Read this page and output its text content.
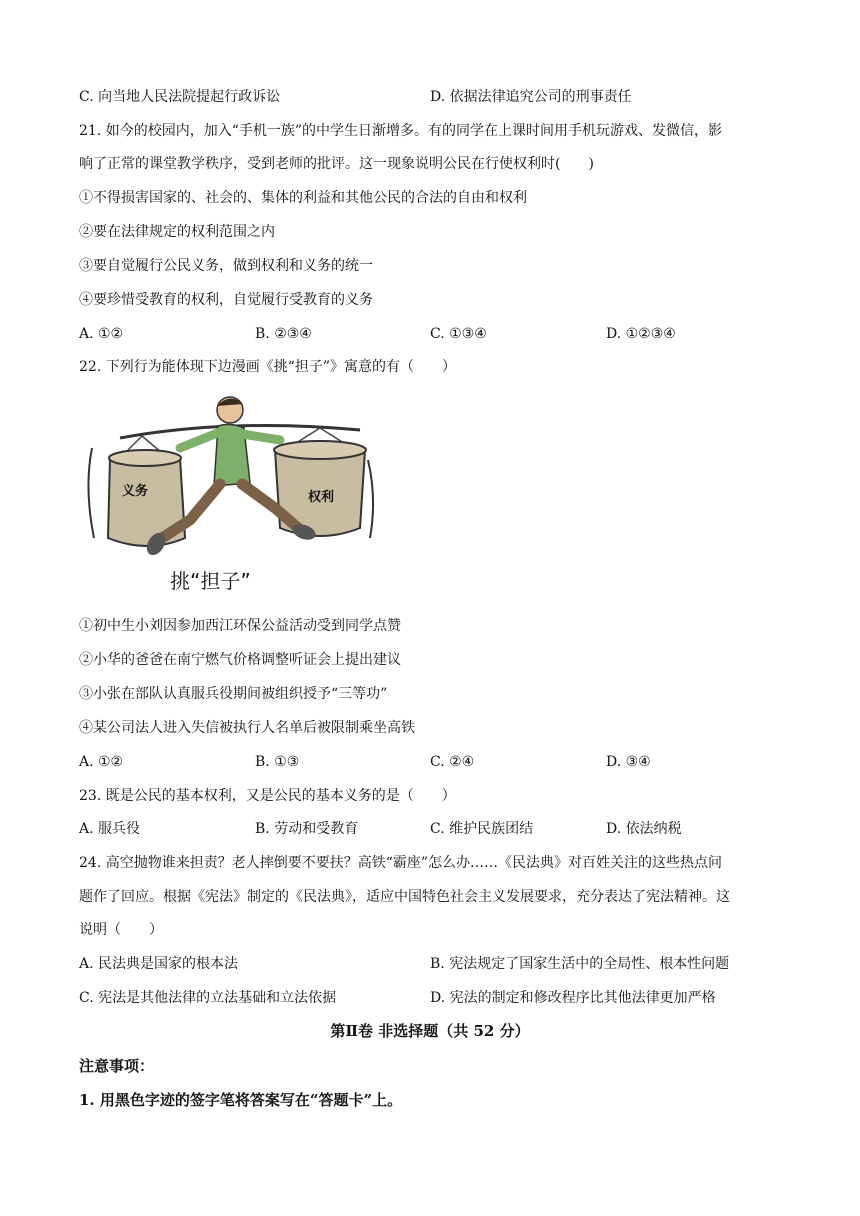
C. 向当地人民法院提起行政诉讼	D. 依据法律追究公司的刑事责任
21. 如今的校园内，加入“手机一族”的中学生日渐增多。有的同学在上课时间用手机玩游戏、发微信，影
响了正常的课堂教学秩序，受到老师的批评。这一现象说明公民在行使权利时(　　)
①不得损害国家的、社会的、集体的利益和其他公民的合法的自由和权利
②要在法律规定的权利范围之内
③要自觉履行公民义务，做到权利和义务的统一
④要珍惜受教育的权利，自觉履行受教育的义务
A. ①②	B. ②③④	C. ①③④	D. ①②③④
22. 下列行为能体现下边漫画《挑“担子”》寓意的有（　　）
义务	权利
挑“担子”
①初中生小刘因参加西江环保公益活动受到同学点赞
②小华的爸爸在南宁燃气价格调整听证会上提出建议
③小张在部队认真服兵役期间被组织授予“三等功”
④某公司法人进入失信被执行人名单后被限制乘坐高铁
A. ①②	B. ①③	C. ②④	D. ③④
23. 既是公民的基本权利，又是公民的基本义务的是（　　）
A. 服兵役	B. 劳动和受教育	C. 维护民族团结	D. 依法纳税
24. 高空抛物谁来担责？老人摔倒要不要扶？高铁“霸座”怎么办……《民法典》对百姓关注的这些热点问
题作了回应。根据《宪法》制定的《民法典》，适应中国特色社会主义发展要求，充分表达了宪法精神。这
说明（　　）
A. 民法典是国家的根本法	B. 宪法规定了国家生活中的全局性、根本性问题
C. 宪法是其他法律的立法基础和立法依据	D. 宪法的制定和修改程序比其他法律更加严格
第Ⅱ卷 非选择题（共 52 分）
注意事项：
1. 用黑色字迹的签字笔将答案写在“答题卡”上。
